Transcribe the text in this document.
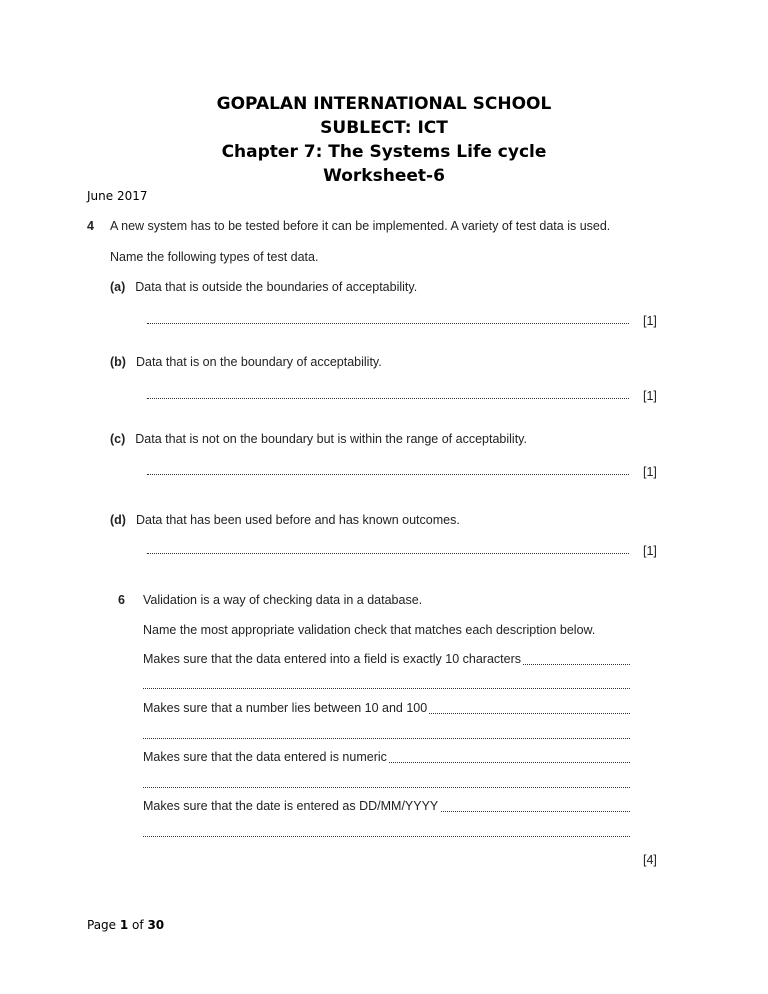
GOPALAN INTERNATIONAL SCHOOL
SUBLECT: ICT
Chapter 7: The Systems Life cycle
Worksheet-6
June 2017
4 A new system has to be tested before it can be implemented. A variety of test data is used.
Name the following types of test data.
(a) Data that is outside the boundaries of acceptability.
[1]
(b) Data that is on the boundary of acceptability.
[1]
(c) Data that is not on the boundary but is within the range of acceptability.
[1]
(d) Data that has been used before and has known outcomes.
[1]
6 Validation is a way of checking data in a database.
Name the most appropriate validation check that matches each description below.
Makes sure that the data entered into a field is exactly 10 characters
Makes sure that a number lies between 10 and 100
Makes sure that the data entered is numeric
Makes sure that the date is entered as DD/MM/YYYY
[4]
Page 1 of 30
